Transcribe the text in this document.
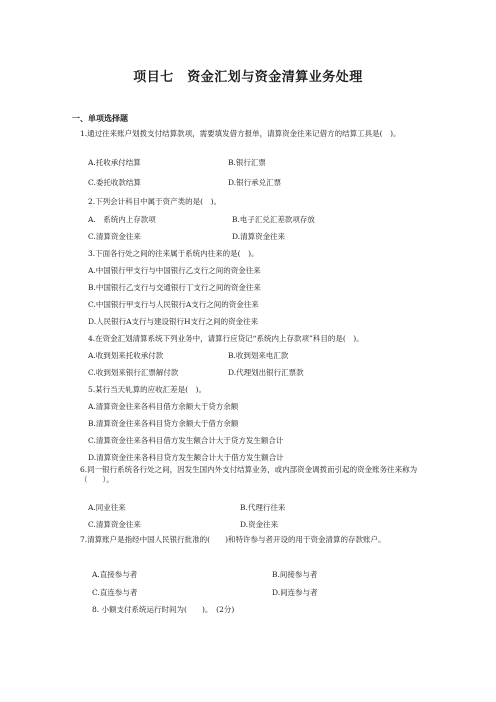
项目七　资金汇划与资金清算业务处理
一、单项选择题
1.通过往来账户划拨支付结算款项，需要填发借方报单，请算资金往来记借方的结算工具是(　)。
A.托收承付结算	B.银行汇票
C.委托收款结算	D.银行承兑汇票
2.下列会计科目中属于资产类的是(　)。
A.　系统内上存款项	B.电子汇兑汇差款项存放
C.清算资金往来	D.清算资金往来
3.下面各行处之间的往来属于系统内往来的是(　)。
A.中国银行甲支行与中国银行乙支行之间的资金往来
B.中国银行乙支行与交通银行丁支行之间的资金往来
C.中国银行甲支行与人民银行A支行之间的资金往来
D.人民银行A支行与建设银行H支行之间的资金往来
4.在资金汇划清算系统下列业务中，请算行应贷记“系统内上存款项”科目的是(　)。
A.收到划来托收承付款	B.收到划来电汇款
C.收到划来银行汇票解付款	D.代理划出银行汇票款
5.某行当天轧算的应收汇差是(　)。
A.清算资金往来各科目借方余额大于贷方余额
B.清算资金往来各科目贷方余额大于借方余额
C.清算资金往来各科目借方发生额合计大于贷方发生额合计
D.清算资金往来各科目贷方发生额合计大于借方发生额合计
6.同一银行系统各行处之间，因发生国内外支付结算业务，或内部资金调拨而引起的资金账务往来称为（　　）。
A.同业往来	B.代理行往来
C.清算资金往来	D.资金往来
7.清算账户是指经中国人民银行批准的(　　)和特许参与者开设的用于资金清算的存款账户。
A.直接参与者	B.间接参与者
C.直连参与者	D.间连参与者
8. 小额支付系统运行时间为(　　)。　(2分)
